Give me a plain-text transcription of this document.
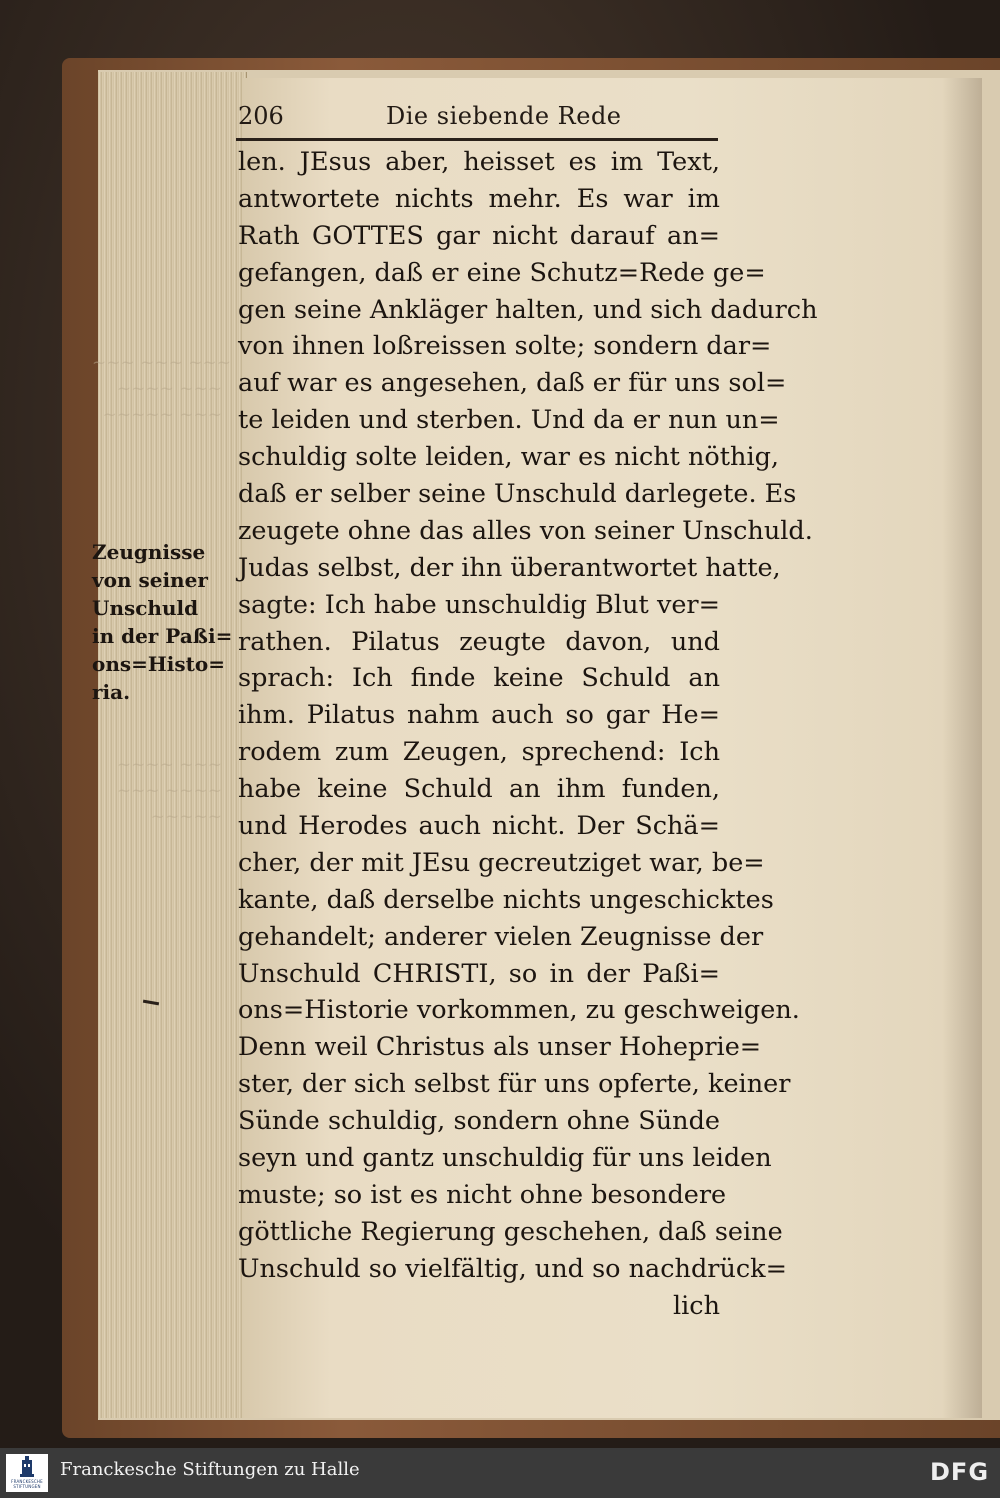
~~~ ~~~ ~~~
~~~~ ~~~
~~~~~ ~~~
~~~~ ~~~
~~~ ~~~~
~~~~~
206	Die siebende Rede
Zeugnisse
von seiner
Unschuld
in der Paßi=
ons=Histo=
ria.
len. JEsus aber, heisset es im Text,
antwortete nichts mehr. Es war im
Rath GOTTES gar nicht darauf an=
gefangen, daß er eine Schutz=Rede ge=
gen seine Ankläger halten, und sich dadurch
von ihnen loßreissen solte; sondern dar=
auf war es angesehen, daß er für uns sol=
te leiden und sterben. Und da er nun un=
schuldig solte leiden, war es nicht nöthig,
daß er selber seine Unschuld darlegete. Es
zeugete ohne das alles von seiner Unschuld.
Judas selbst, der ihn überantwortet hatte,
sagte: Ich habe unschuldig Blut ver=
rathen. Pilatus zeugte davon, und
sprach: Ich finde keine Schuld an
ihm. Pilatus nahm auch so gar He=
rodem zum Zeugen, sprechend: Ich
habe keine Schuld an ihm funden,
und Herodes auch nicht. Der Schä=
cher, der mit JEsu gecreutziget war, be=
kante, daß derselbe nichts ungeschicktes
gehandelt; anderer vielen Zeugnisse der
Unschuld CHRISTI, so in der Paßi=
ons=Historie vorkommen, zu geschweigen.
Denn weil Christus als unser Hoheprie=
ster, der sich selbst für uns opferte, keiner
Sünde schuldig, sondern ohne Sünde
seyn und gantz unschuldig für uns leiden
muste; so ist es nicht ohne besondere
göttliche Regierung geschehen, daß seine
Unschuld so vielfältig, und so nachdrück=
lich
FRANCKESCHE STIFTUNGEN
Franckesche Stiftungen zu Halle	DFG
